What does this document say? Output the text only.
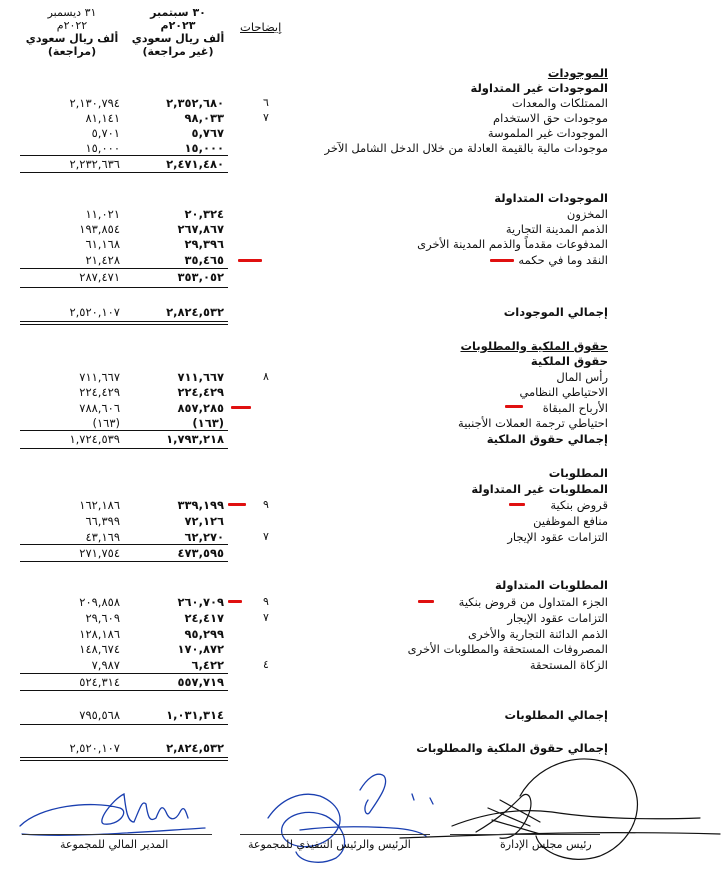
إيضاحات
٣٠ سبتمبر
٢٠٢٣م
ألف ريال سعودي
(غير مراجعة)
٣١ ديسمبر
٢٠٢٢م
ألف ريال سعودي
(مراجعة)
الموجودات
الموجودات غير المتداولة
الممتلكات والمعدات
٦
٢,٣٥٢,٦٨٠
٢,١٣٠,٧٩٤
موجودات حق الاستخدام
٧
٩٨,٠٣٣
٨١,١٤١
الموجودات غير الملموسة
٥,٧٦٧
٥,٧٠١
موجودات مالية بالقيمة العادلة من خلال الدخل الشامل الآخر
١٥,٠٠٠
١٥,٠٠٠
٢,٤٧١,٤٨٠
٢,٢٣٢,٦٣٦
الموجودات المتداولة
المخزون
٢٠,٣٢٤
١١,٠٢١
الذمم المدينة التجارية
٢٦٧,٨٦٧
١٩٣,٨٥٤
المدفوعات مقدماً والذمم المدينة الأخرى
٢٩,٣٩٦
٦١,١٦٨
النقد وما في حكمه
٣٥,٤٦٥
٢١,٤٢٨
٣٥٣,٠٥٢
٢٨٧,٤٧١
إجمالي الموجودات
٢,٨٢٤,٥٣٢
٢,٥٢٠,١٠٧
حقوق الملكية والمطلوبات
حقوق الملكية
رأس المال
٨
٧١١,٦٦٧
٧١١,٦٦٧
الاحتياطي النظامي
٢٢٤,٤٢٩
٢٢٤,٤٢٩
الأرباح المبقاة
٨٥٧,٢٨٥
٧٨٨,٦٠٦
احتياطي ترجمة العملات الأجنبية
(١٦٣)
(١٦٣)
إجمالي حقوق الملكية
١,٧٩٣,٢١٨
١,٧٢٤,٥٣٩
المطلوبات
المطلوبات غير المتداولة
قروض بنكية
٩
٣٣٩,١٩٩
١٦٢,١٨٦
منافع الموظفين
٧٢,١٢٦
٦٦,٣٩٩
التزامات عقود الإيجار
٧
٦٢,٢٧٠
٤٣,١٦٩
٤٧٣,٥٩٥
٢٧١,٧٥٤
المطلوبات المتداولة
الجزء المتداول من قروض بنكية
٩
٢٦٠,٧٠٩
٢٠٩,٨٥٨
التزامات عقود الإيجار
٧
٢٤,٤١٧
٢٩,٦٠٩
الذمم الدائنة التجارية والأخرى
٩٥,٢٩٩
١٢٨,١٨٦
المصروفات المستحقة والمطلوبات الأخرى
١٧٠,٨٧٢
١٤٨,٦٧٤
الزكاة المستحقة
٤
٦,٤٢٢
٧,٩٨٧
٥٥٧,٧١٩
٥٢٤,٣١٤
إجمالي المطلوبات
١,٠٣١,٣١٤
٧٩٥,٥٦٨
إجمالي حقوق الملكية والمطلوبات
٢,٨٢٤,٥٣٢
٢,٥٢٠,١٠٧
المدير المالي للمجموعة	الرئيس والرئيس التنفيذي للمجموعة	رئيس مجلس الإدارة
